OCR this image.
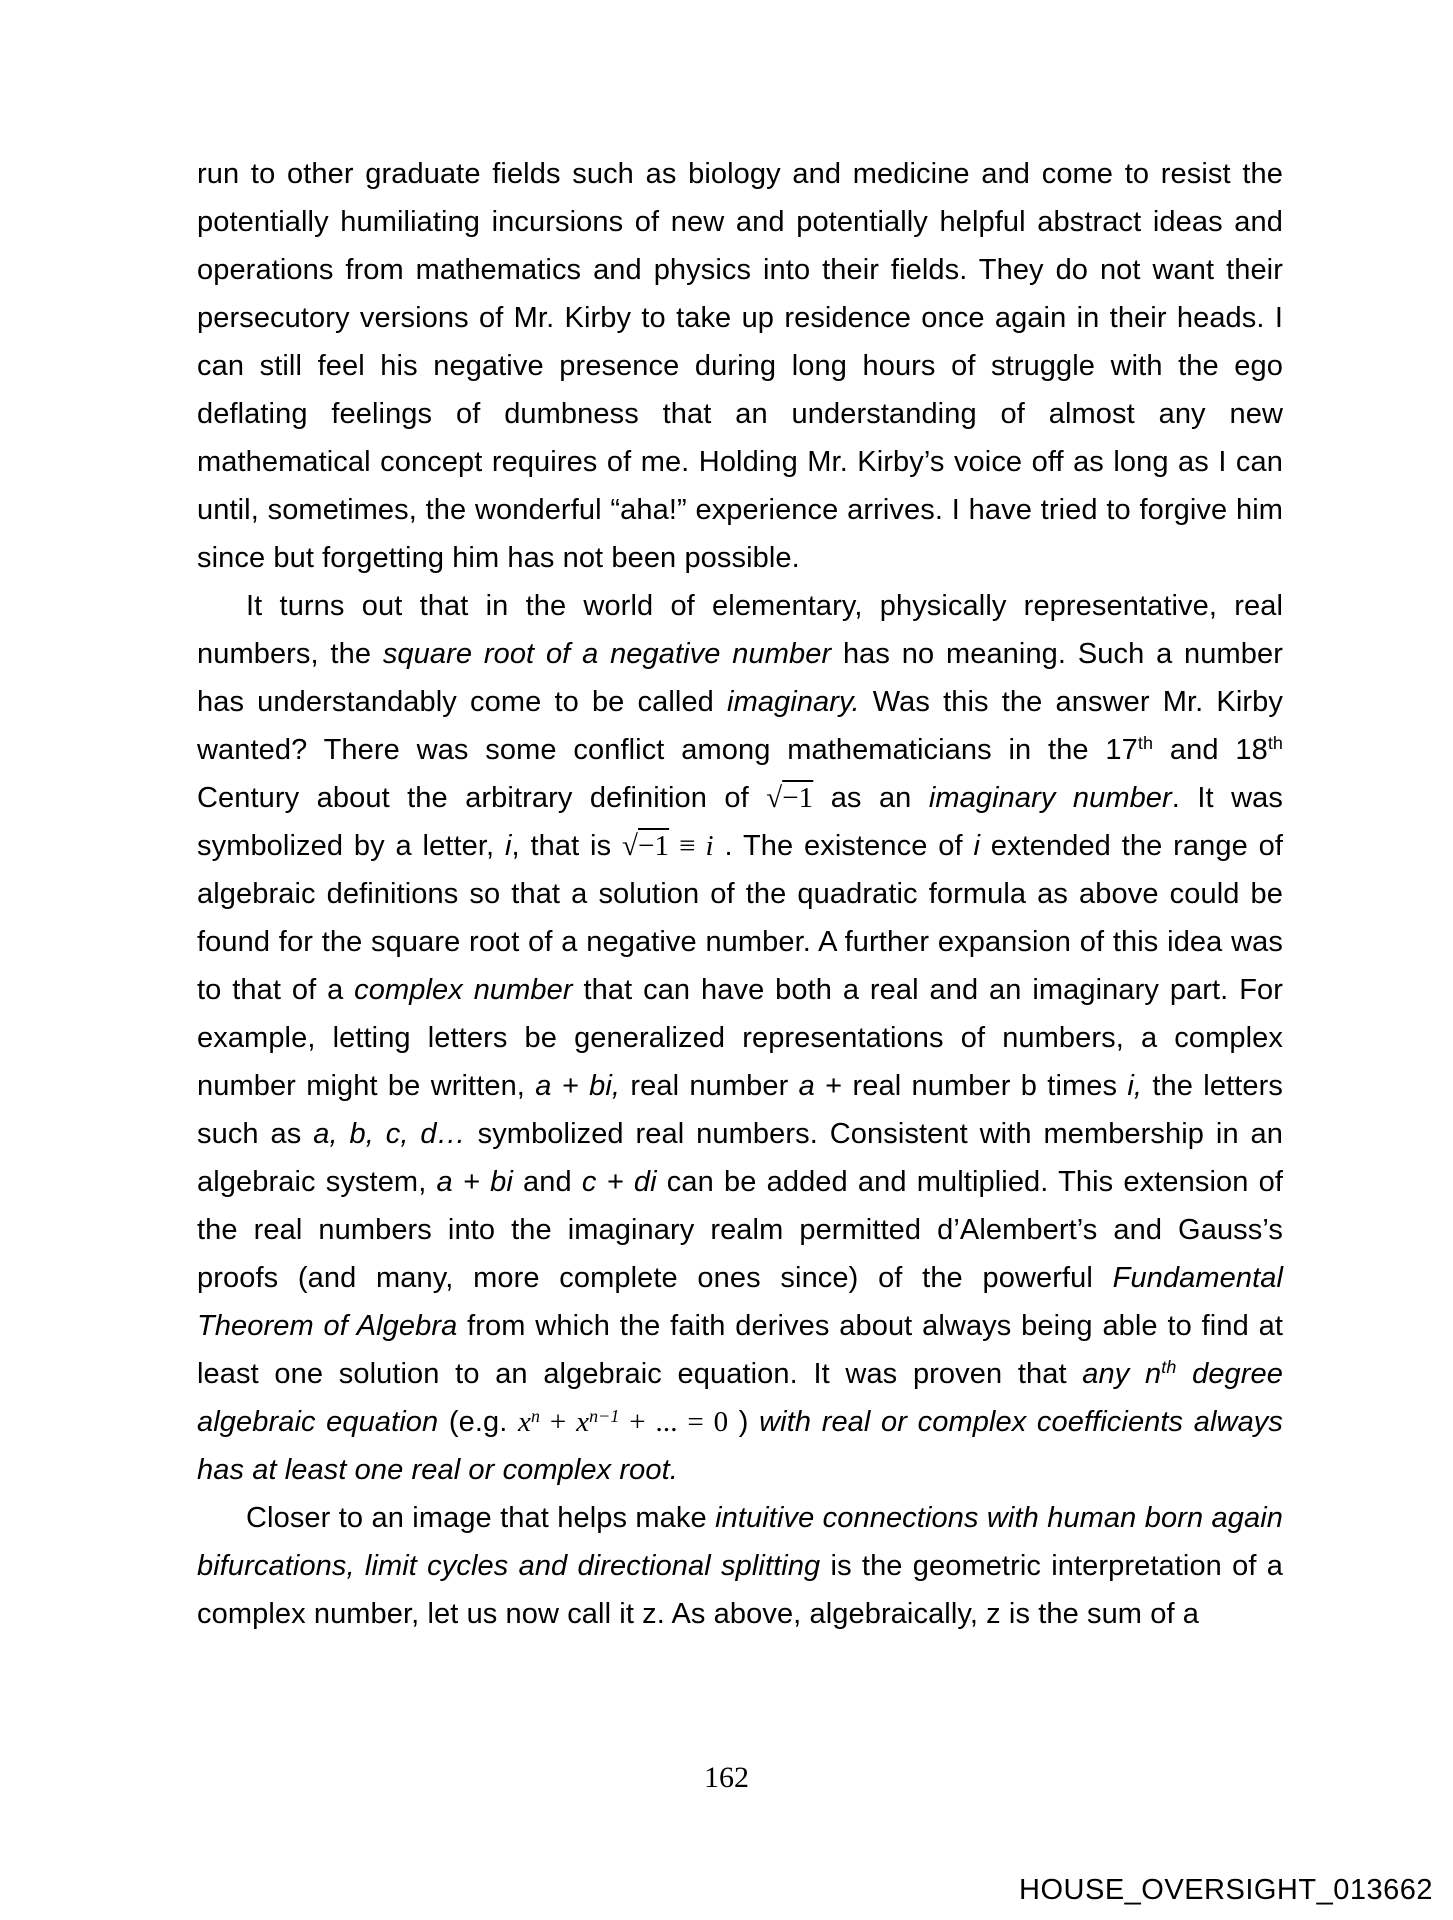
run to other graduate fields such as biology and medicine and come to resist the potentially humiliating incursions of new and potentially helpful abstract ideas and operations from mathematics and physics into their fields. They do not want their persecutory versions of Mr. Kirby to take up residence once again in their heads. I can still feel his negative presence during long hours of struggle with the ego deflating feelings of dumbness that an understanding of almost any new mathematical concept requires of me. Holding Mr. Kirby’s voice off as long as I can until, sometimes, the wonderful “aha!” experience arrives. I have tried to forgive him since but forgetting him has not been possible.
It turns out that in the world of elementary, physically representative, real numbers, the square root of a negative number has no meaning. Such a number has understandably come to be called imaginary. Was this the answer Mr. Kirby wanted? There was some conflict among mathematicians in the 17th and 18th Century about the arbitrary definition of √−1 as an imaginary number. It was symbolized by a letter, i, that is √−1 ≡ i . The existence of i extended the range of algebraic definitions so that a solution of the quadratic formula as above could be found for the square root of a negative number. A further expansion of this idea was to that of a complex number that can have both a real and an imaginary part. For example, letting letters be generalized representations of numbers, a complex number might be written, a + bi, real number a + real number b times i, the letters such as a, b, c, d… symbolized real numbers. Consistent with membership in an algebraic system, a + bi and c + di can be added and multiplied. This extension of the real numbers into the imaginary realm permitted d’Alembert’s and Gauss’s proofs (and many, more complete ones since) of the powerful Fundamental Theorem of Algebra from which the faith derives about always being able to find at least one solution to an algebraic equation. It was proven that any $n^{th}$ degree algebraic equation (e.g. $x^n + x^{n-1}$ + ... = 0 ) with real or complex coefficients always has at least one real or complex root.
Closer to an image that helps make intuitive connections with human born again bifurcations, limit cycles and directional splitting is the geometric interpretation of a complex number, let us now call it z. As above, algebraically, z is the sum of a
162
HOUSE_OVERSIGHT_013662
